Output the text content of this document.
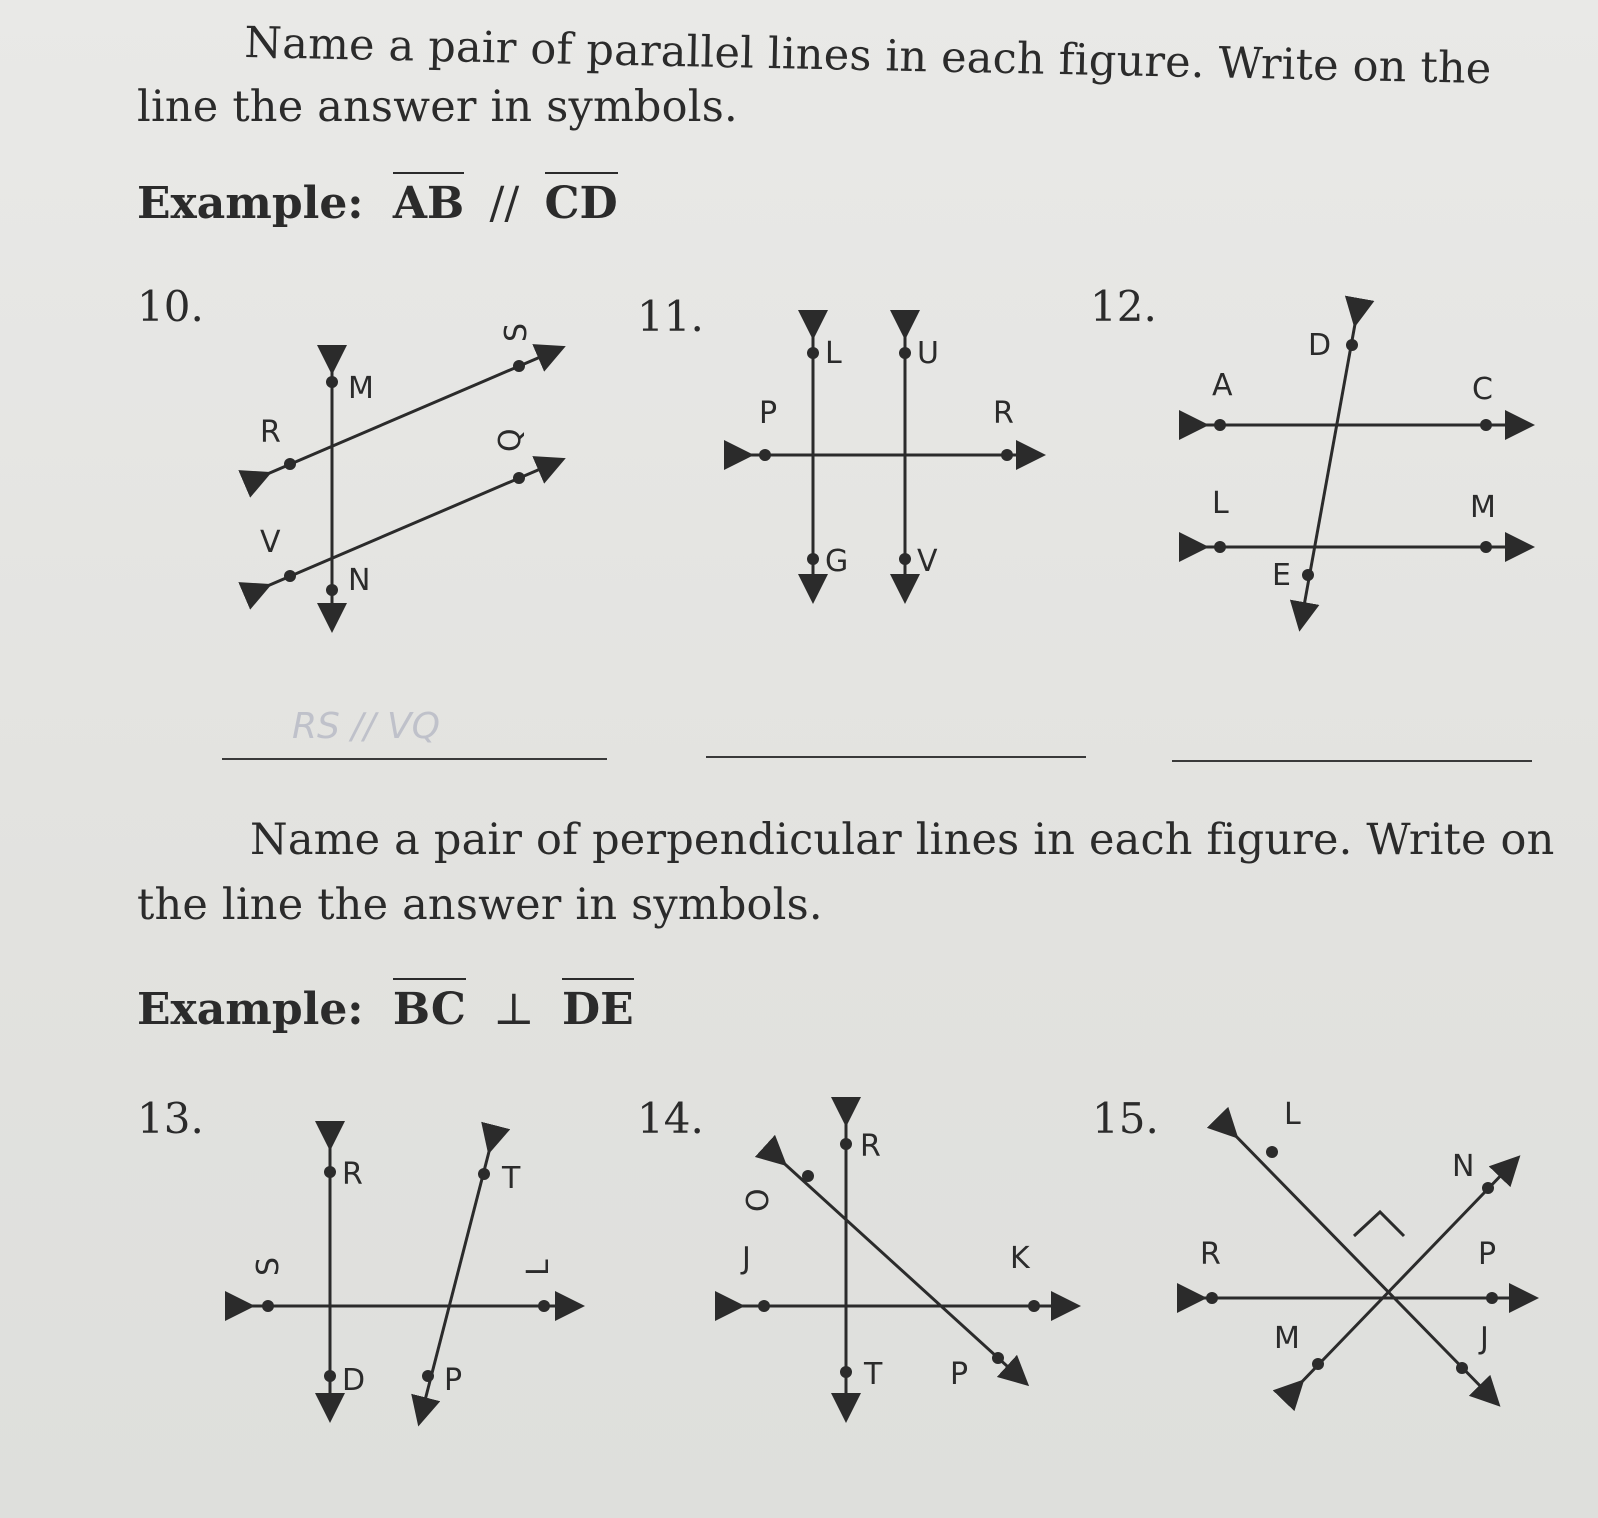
Name a pair of parallel lines in each figure. Write on the

line the answer in symbols.

Example: AB // CD

10.	11.	12.

S
M
R	Q
V
N
L	U
P	R
G V
D
A	C
L	M
E
RS // VQ

Name a pair of perpendicular lines in each figure. Write on

the line the answer in symbols.

Example: BC ⊥ DE

13.	14.	15.

R	T
S	L
D	P
R
O
J	K
T P
L
N
R	P
M	J
